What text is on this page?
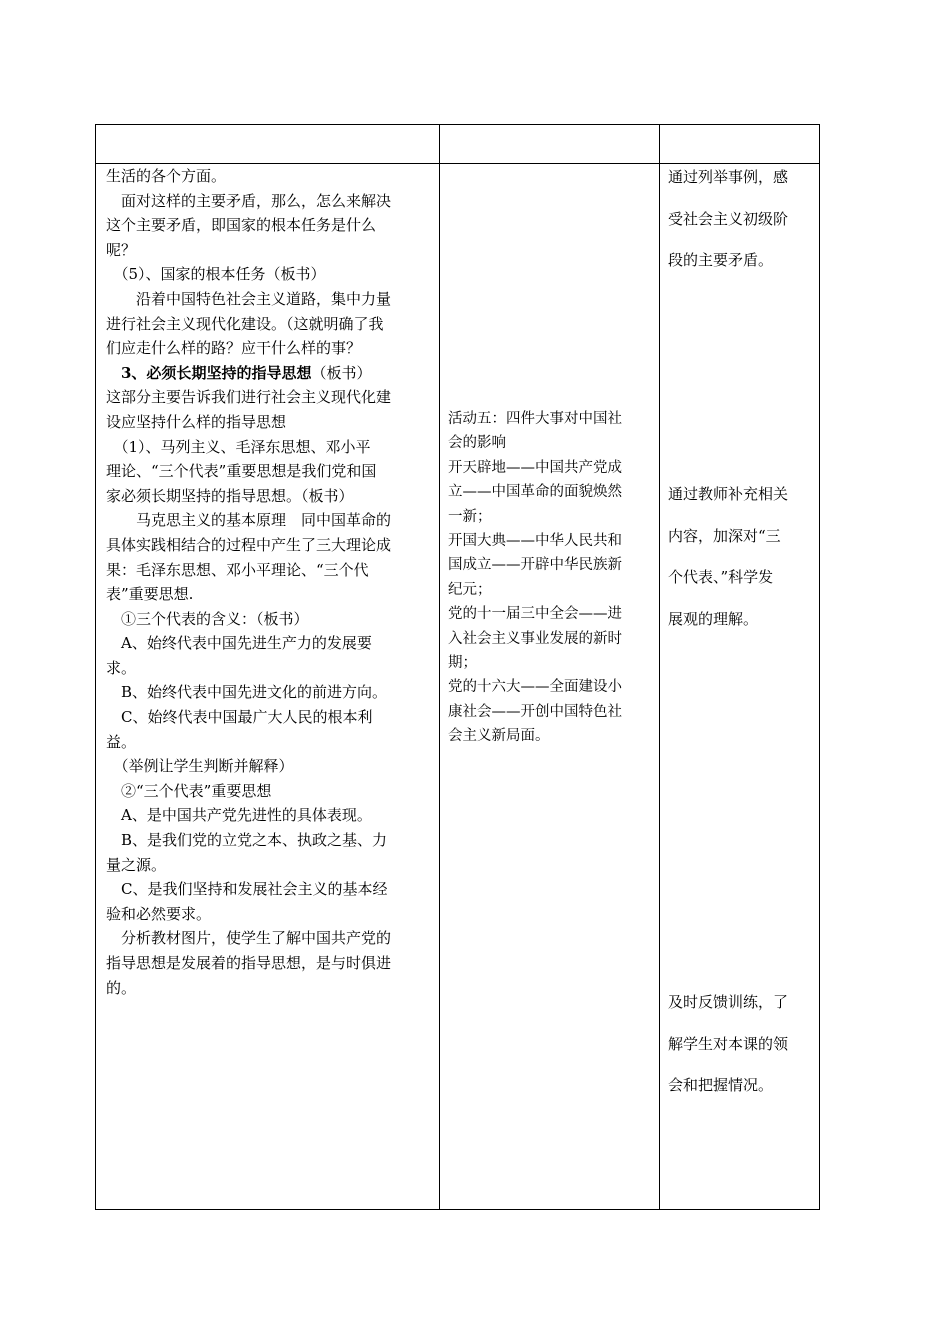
生活的各个方面。

　面对这样的主要矛盾，那么，怎么来解决

这个主要矛盾，即国家的根本任务是什么

呢？

　（5）、国家的根本任务（板书）

　　沿着中国特色社会主义道路，集中力量

进行社会主义现代化建设。（这就明确了我

们应走什么样的路？应干什么样的事？

　3、必须长期坚持的指导思想（板书）

这部分主要告诉我们进行社会主义现代化建

设应坚持什么样的指导思想

　（1）、马列主义、毛泽东思想、邓小平

理论、“三个代表”重要思想是我们党和国

家必须长期坚持的指导思想。（板书）

　　马克思主义的基本原理　同中国革命的

具体实践相结合的过程中产生了三大理论成

果：毛泽东思想、邓小平理论、“三个代

表”重要思想.

　①三个代表的含义：（板书）

　A、始终代表中国先进生产力的发展要

求。

　B、始终代表中国先进文化的前进方向。

　C、始终代表中国最广大人民的根本利

益。

　（举例让学生判断并解释）

　②“三个代表”重要思想

　A、是中国共产党先进性的具体表现。

　B、是我们党的立党之本、执政之基、力

量之源。

　C、是我们坚持和发展社会主义的基本经

验和必然要求。

　分析教材图片，使学生了解中国共产党的

指导思想是发展着的指导思想，是与时俱进

的。

活动五：四件大事对中国社

会的影响

开天辟地——中国共产党成

立——中国革命的面貌焕然

一新；

开国大典——中华人民共和

国成立——开辟中华民族新

纪元；

党的十一届三中全会——进

入社会主义事业发展的新时

期；

党的十六大——全面建设小

康社会——开创中国特色社

会主义新局面。

通过列举事例，感

受社会主义初级阶

段的主要矛盾。

通过教师补充相关

内容，加深对“三

个代表、”科学发

展观的理解。

及时反馈训练，了

解学生对本课的领

会和把握情况。
